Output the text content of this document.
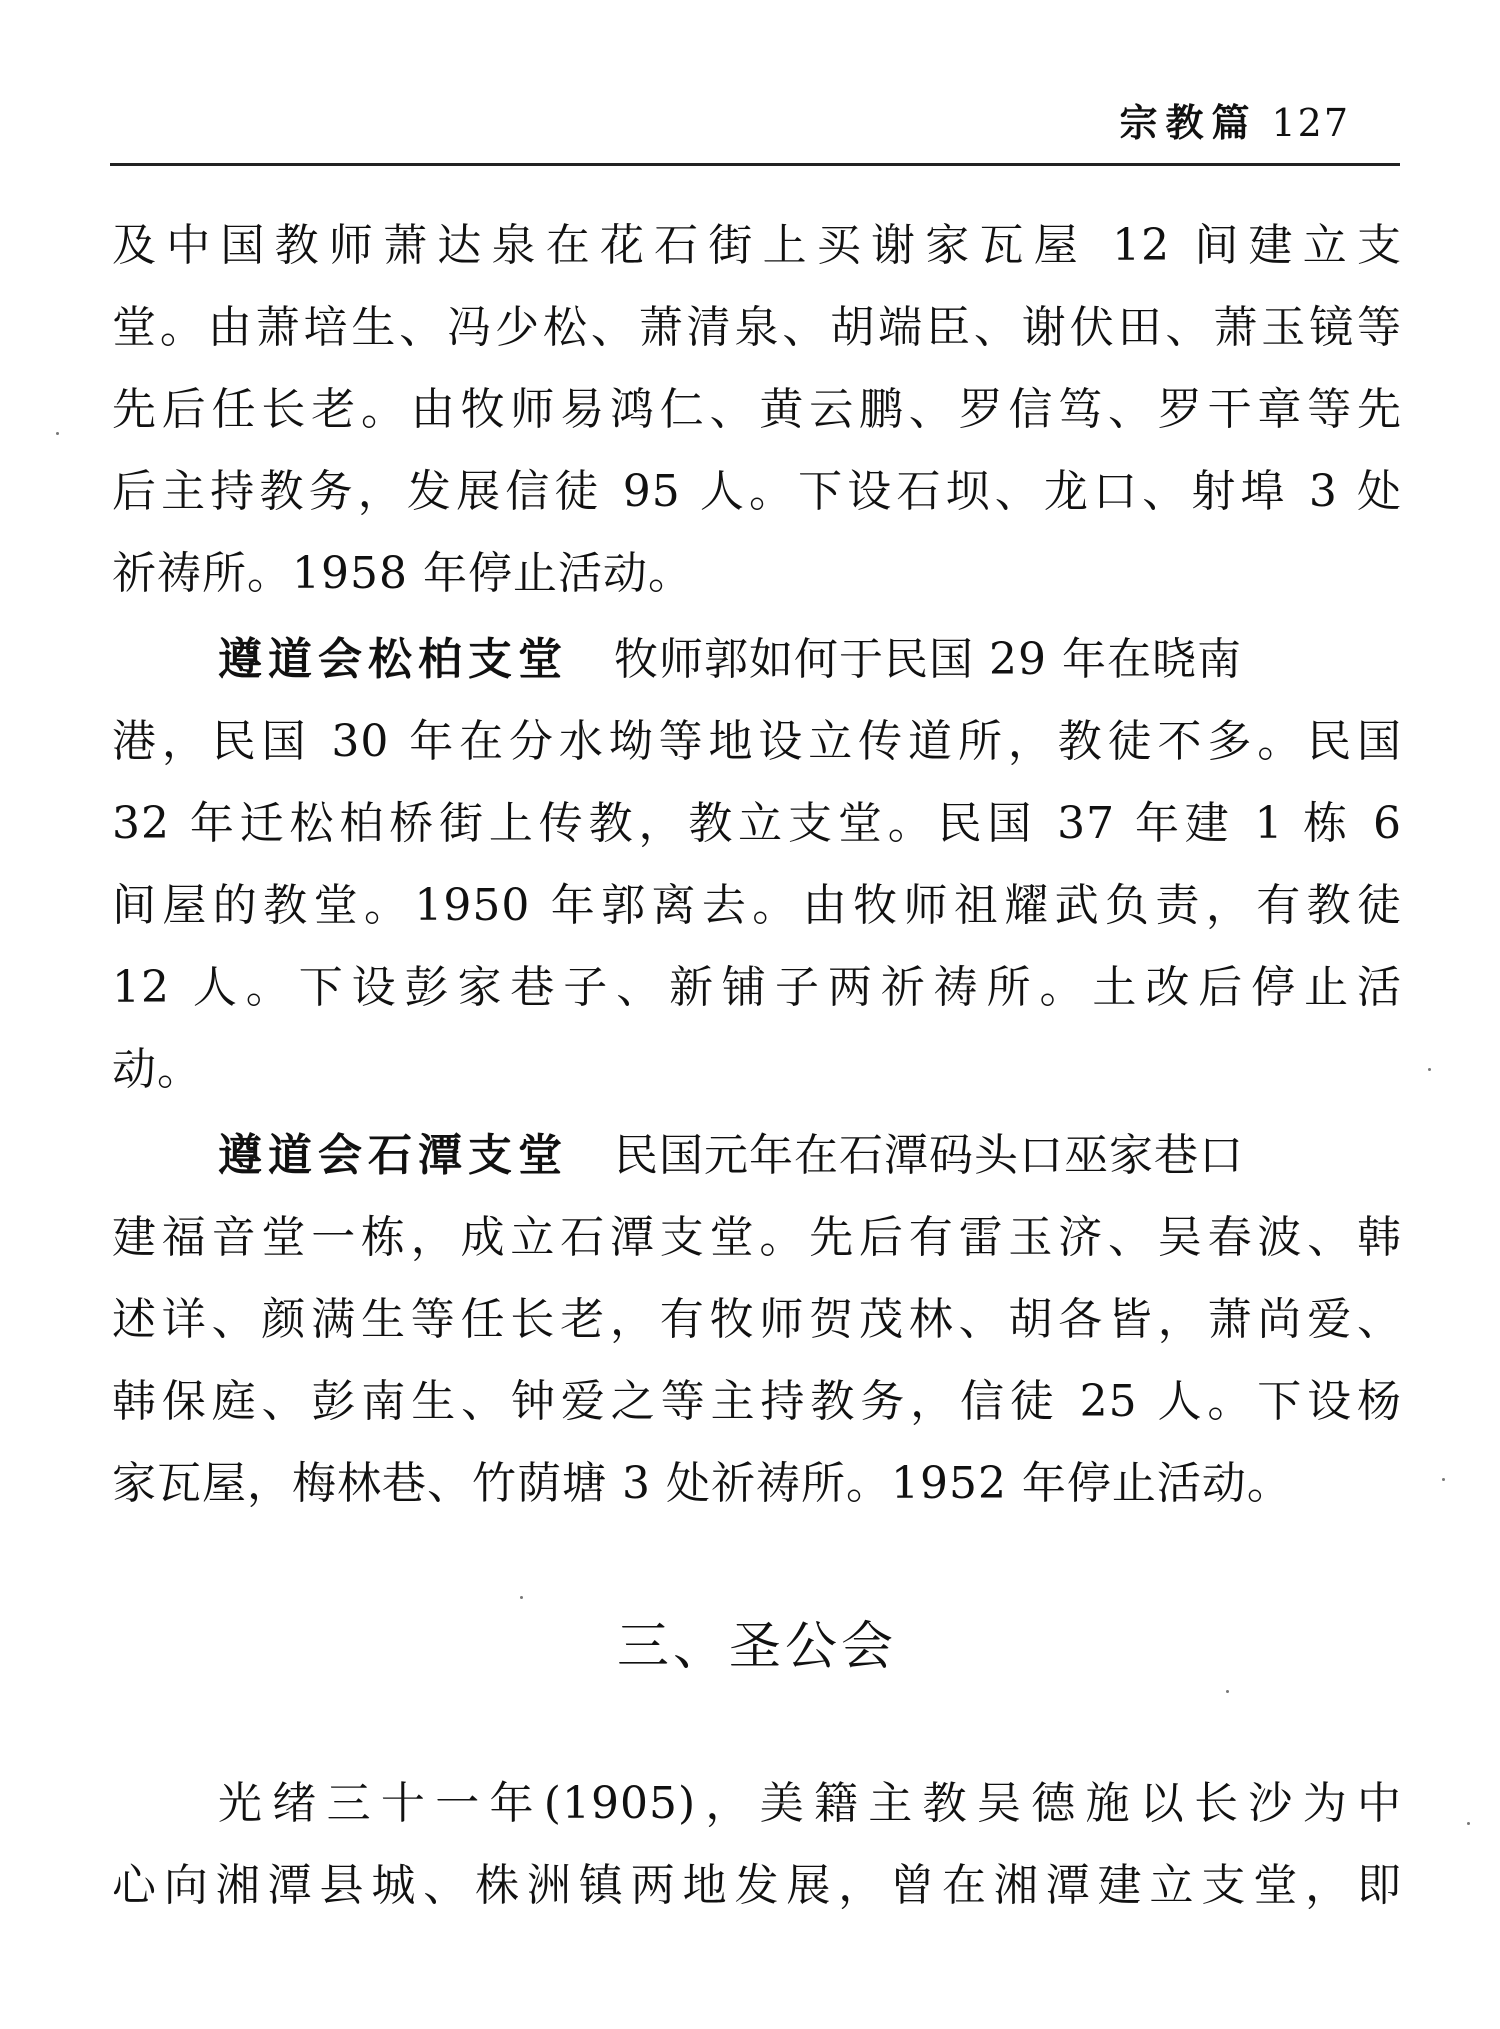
宗教篇 127
及中国教师萧达泉在花石街上买谢家瓦屋 12 间建立支
堂。由萧培生、冯少松、萧清泉、胡端臣、谢伏田、萧玉镜等
先后任长老。由牧师易鸿仁、黄云鹏、罗信笃、罗干章等先
后主持教务，发展信徒 95 人。下设石坝、龙口、射埠 3 处
祈祷所。1958 年停止活动。
遵道会松柏支堂 牧师郭如何于民国 29 年在晓南
港，民国 30 年在分水坳等地设立传道所，教徒不多。民国
32 年迁松柏桥街上传教，教立支堂。民国 37 年建 1 栋 6
间屋的教堂。1950 年郭离去。由牧师祖耀武负责，有教徒
12 人。下设彭家巷子、新铺子两祈祷所。土改后停止活
动。
遵道会石潭支堂 民国元年在石潭码头口巫家巷口
建福音堂一栋，成立石潭支堂。先后有雷玉济、吴春波、韩
述详、颜满生等任长老，有牧师贺茂林、胡各皆，萧尚爱、
韩保庭、彭南生、钟爱之等主持教务，信徒 25 人。下设杨
家瓦屋，梅林巷、竹荫塘 3 处祈祷所。1952 年停止活动。
三、圣公会
光绪三十一年(1905)，美籍主教吴德施以长沙为中
心向湘潭县城、株洲镇两地发展，曾在湘潭建立支堂，即
